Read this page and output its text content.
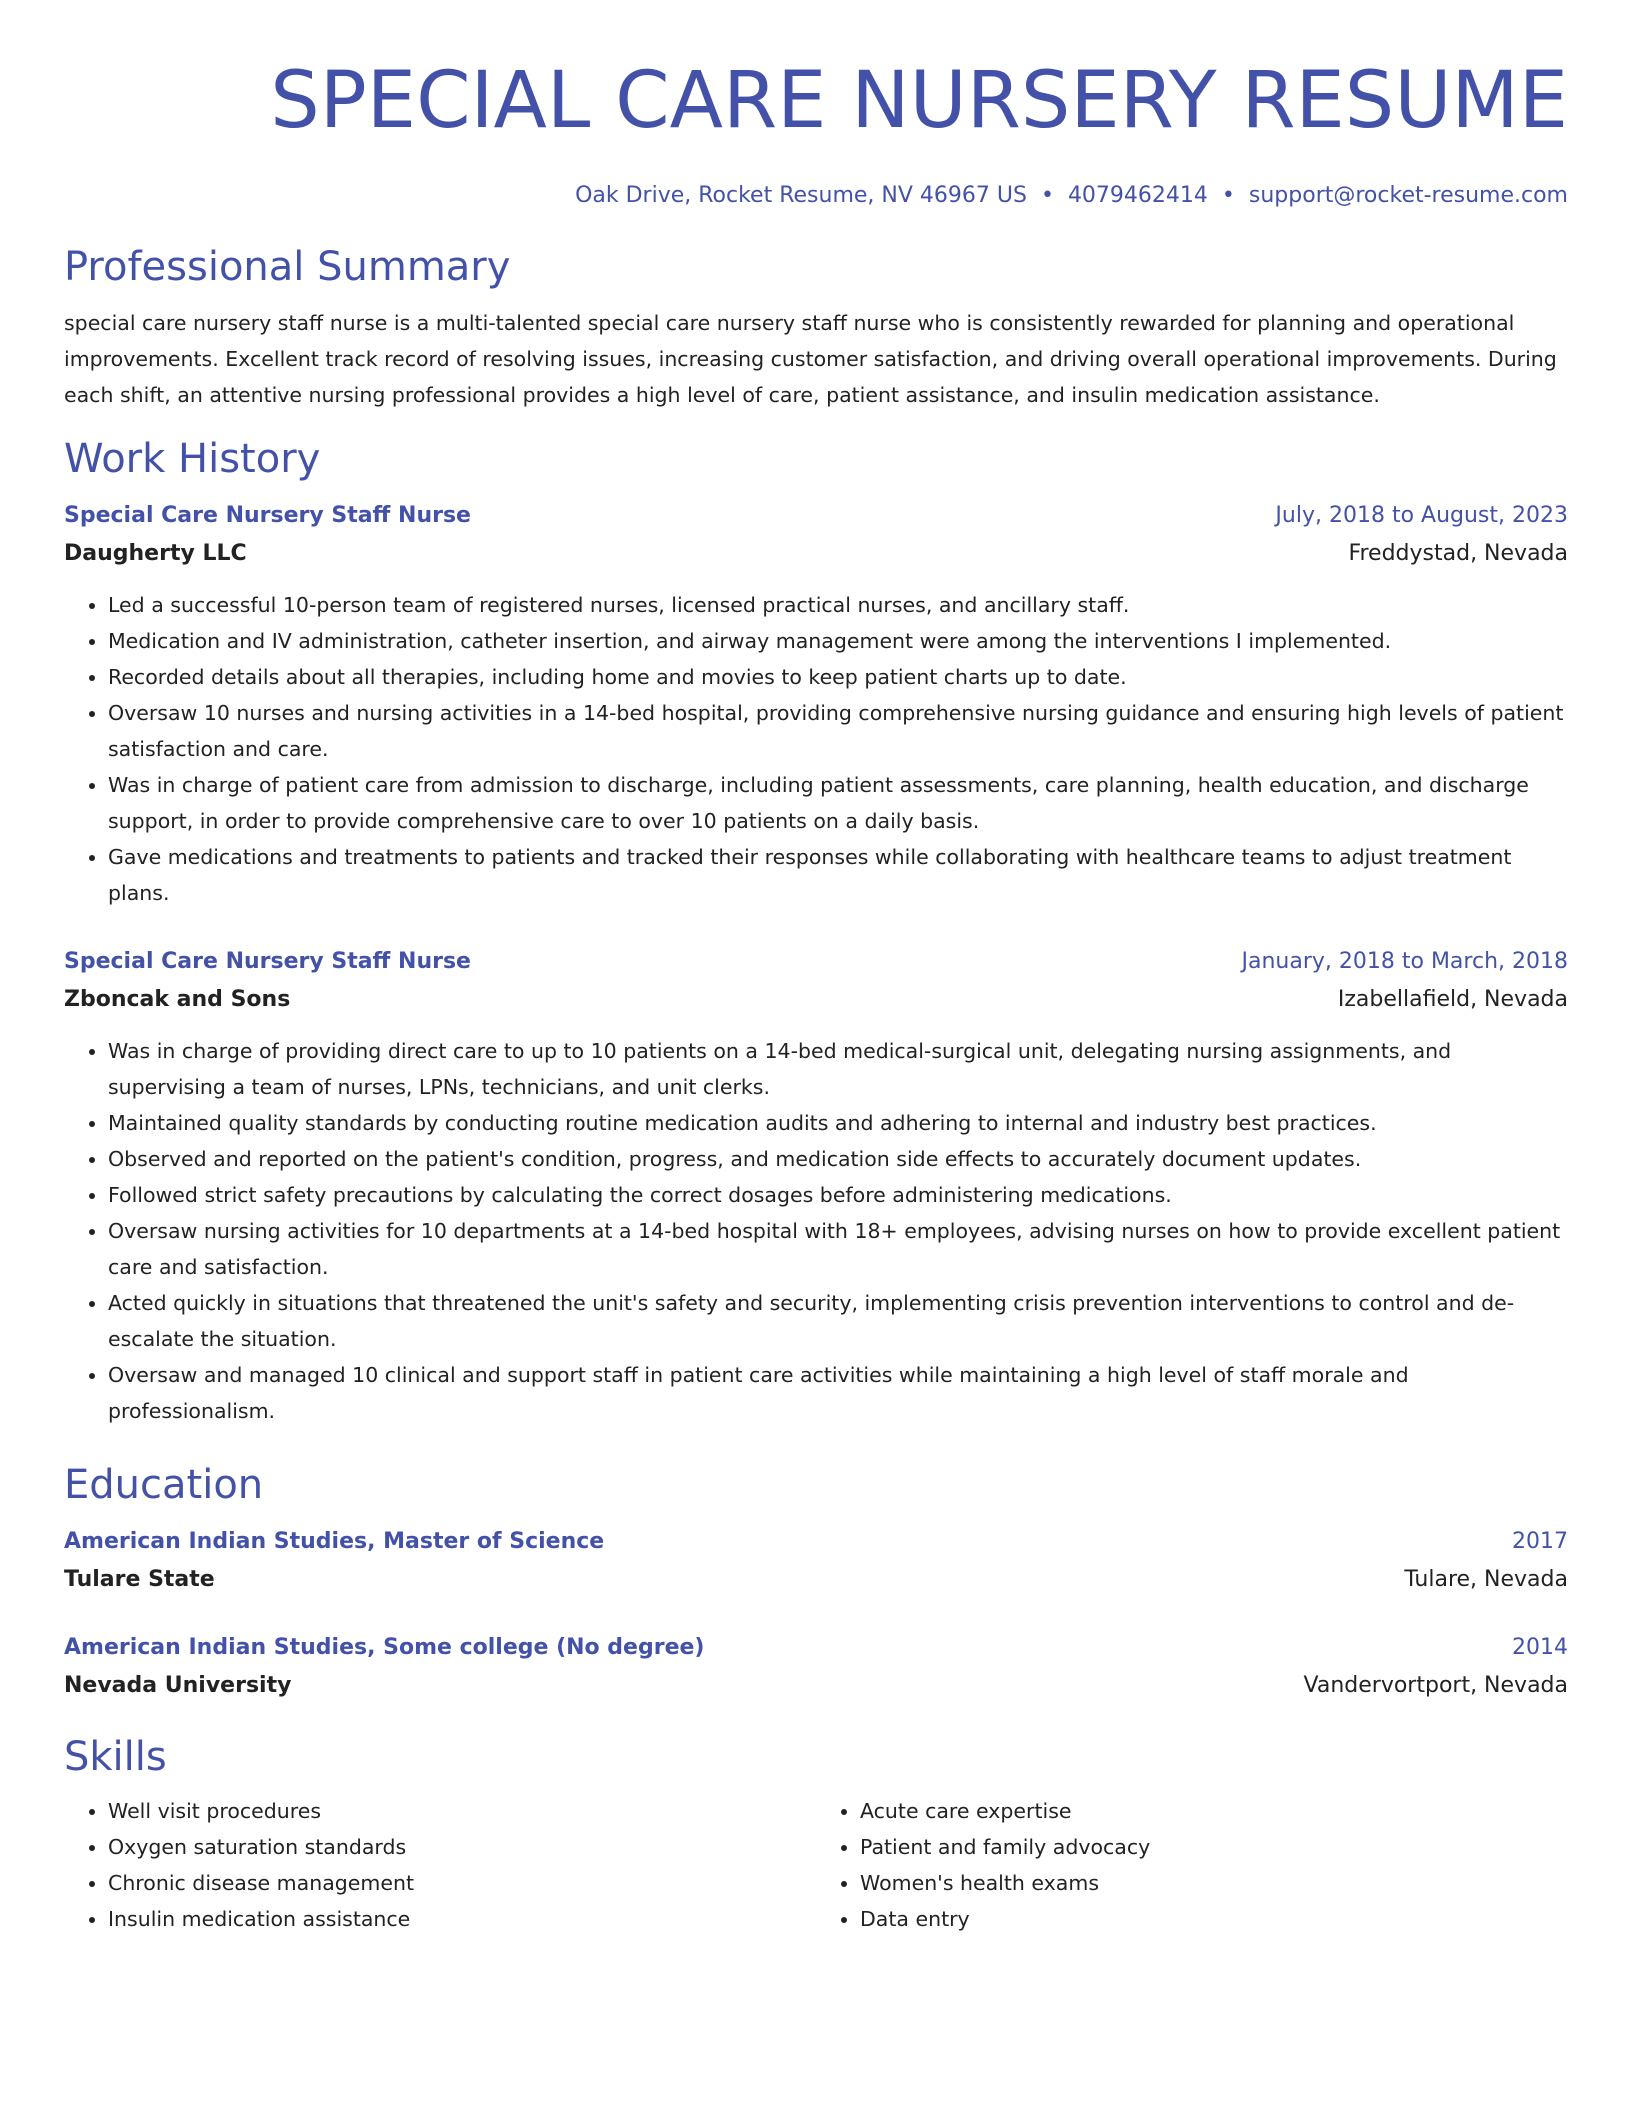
SPECIAL CARE NURSERY RESUME
Oak Drive, Rocket Resume, NV 46967 US • 4079462414 • support@rocket-resume.com
Professional Summary
special care nursery staff nurse is a multi-talented special care nursery staff nurse who is consistently rewarded for planning and operational improvements. Excellent track record of resolving issues, increasing customer satisfaction, and driving overall operational improvements. During each shift, an attentive nursing professional provides a high level of care, patient assistance, and insulin medication assistance.
Work History
Special Care Nursery Staff Nurse	July, 2018 to August, 2023
Daugherty LLC	Freddystad, Nevada
• Led a successful 10-person team of registered nurses, licensed practical nurses, and ancillary staff.
• Medication and IV administration, catheter insertion, and airway management were among the interventions I implemented.
• Recorded details about all therapies, including home and movies to keep patient charts up to date.
• Oversaw 10 nurses and nursing activities in a 14-bed hospital, providing comprehensive nursing guidance and ensuring high levels of patient satisfaction and care.
• Was in charge of patient care from admission to discharge, including patient assessments, care planning, health education, and discharge support, in order to provide comprehensive care to over 10 patients on a daily basis.
• Gave medications and treatments to patients and tracked their responses while collaborating with healthcare teams to adjust treatment plans.
Special Care Nursery Staff Nurse	January, 2018 to March, 2018
Zboncak and Sons	Izabellafield, Nevada
• Was in charge of providing direct care to up to 10 patients on a 14-bed medical-surgical unit, delegating nursing assignments, and supervising a team of nurses, LPNs, technicians, and unit clerks.
• Maintained quality standards by conducting routine medication audits and adhering to internal and industry best practices.
• Observed and reported on the patient's condition, progress, and medication side effects to accurately document updates.
• Followed strict safety precautions by calculating the correct dosages before administering medications.
• Oversaw nursing activities for 10 departments at a 14-bed hospital with 18+ employees, advising nurses on how to provide excellent patient care and satisfaction.
• Acted quickly in situations that threatened the unit's safety and security, implementing crisis prevention interventions to control and de-escalate the situation.
• Oversaw and managed 10 clinical and support staff in patient care activities while maintaining a high level of staff morale and professionalism.
Education
American Indian Studies, Master of Science	2017
Tulare State	Tulare, Nevada
American Indian Studies, Some college (No degree)	2014
Nevada University	Vandervortport, Nevada
Skills
• Well visit procedures
• Oxygen saturation standards
• Chronic disease management
• Insulin medication assistance
• Acute care expertise
• Patient and family advocacy
• Women's health exams
• Data entry
